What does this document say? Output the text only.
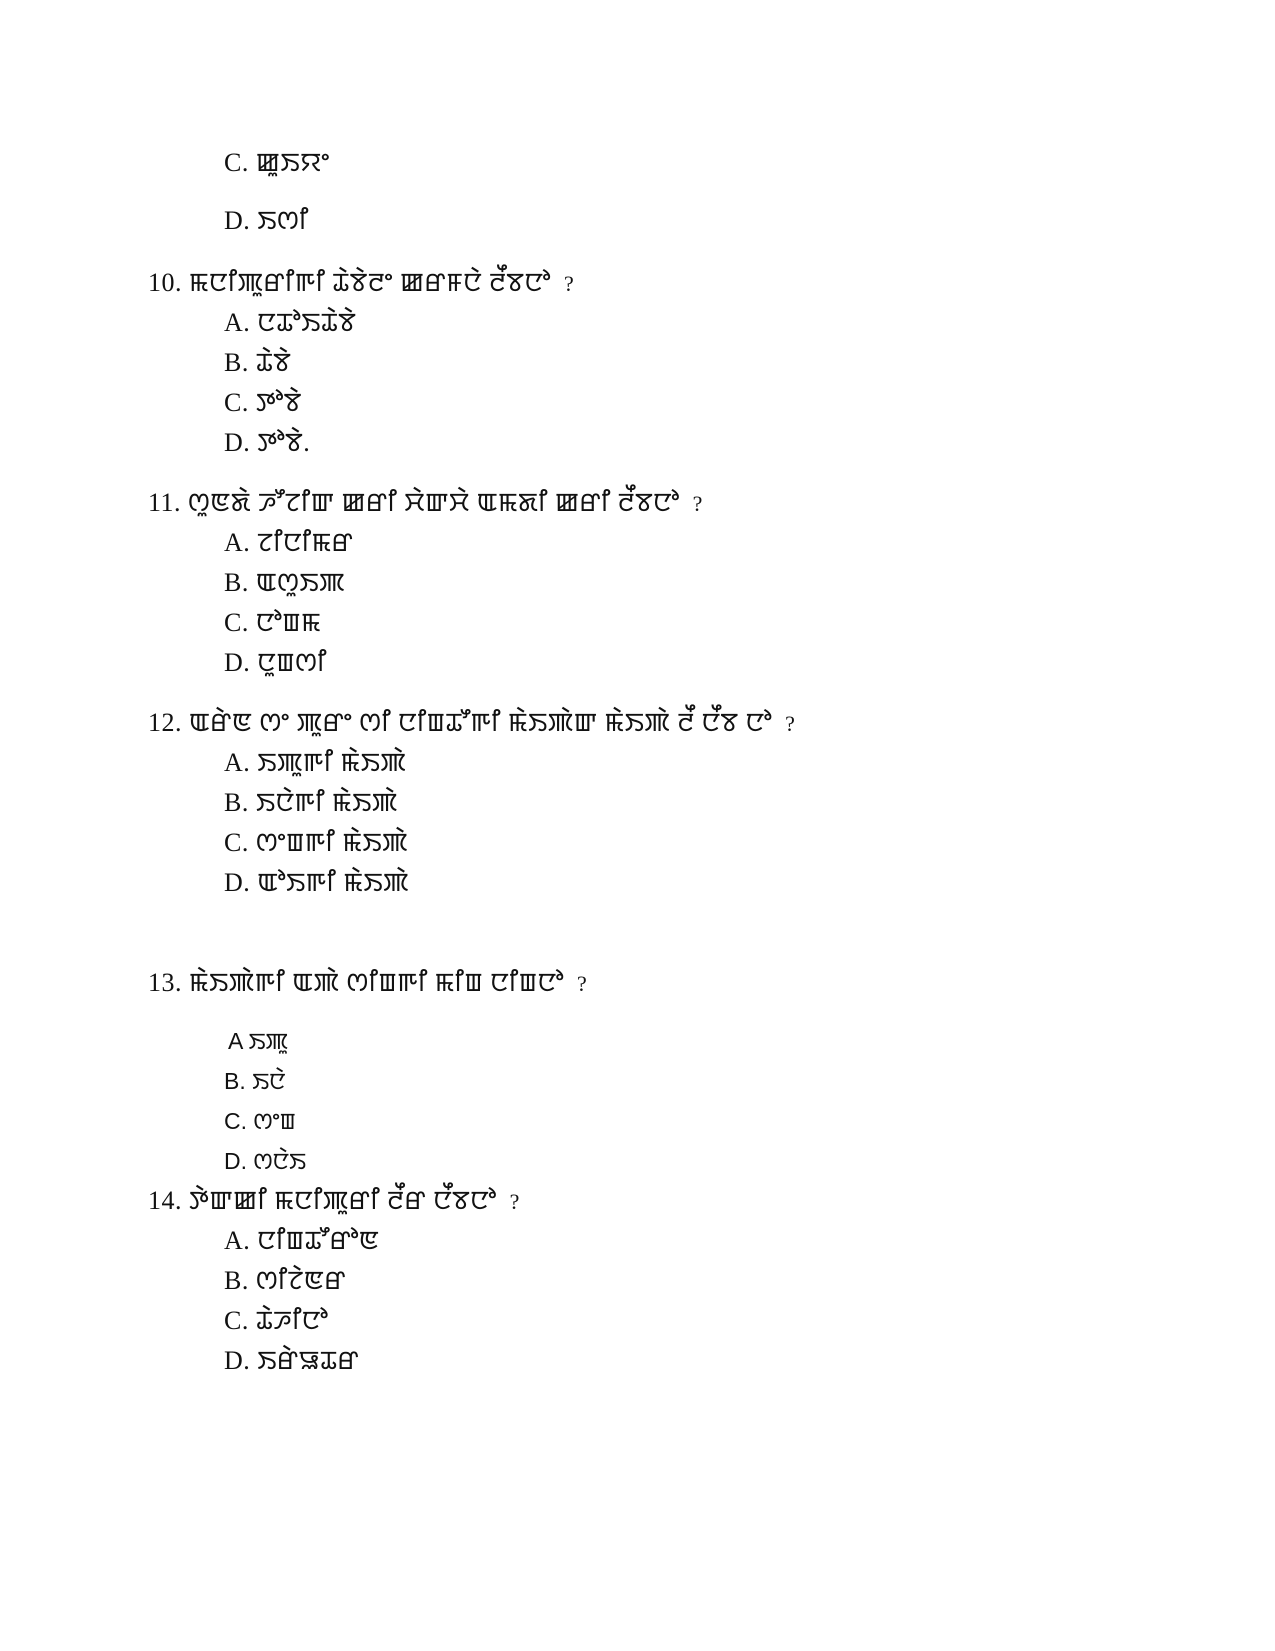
C. ꯀꯨꯏꯌꯦ
D. ꯏꯁꯤ
10. ꯃꯅꯤꯄꯨꯔꯤꯒꯤ ꯊꯥꯕꯥꯂꯦ ꯀꯔꯝꯅꯥ ꯂꯩꯕꯅꯣ ?
A. ꯅꯊꯣꯏꯊꯥꯕꯥ
B. ꯊꯥꯕꯥ
C. ꯇꯣꯕꯥ
D. ꯇꯣꯕꯥ.
11. ꯁꯨꯟꯗꯥ ꯍꯧꯖꯤꯛ ꯀꯔꯤ ꯆꯥꯛꯆꯥ ꯑꯃꯗꯤ ꯀꯔꯤ ꯂꯩꯕꯅꯣ ?
A. ꯖꯤꯅꯤꯃꯔ
B. ꯑꯁꯨꯏꯄ
C. ꯅꯣꯡꯃ
D. ꯅꯨꯡꯁꯤ
12. ꯑꯔꯥꯟ ꯁꯦ ꯄꯨꯔꯦ ꯁꯤ ꯅꯤꯡꯊꯧꯒꯤ ꯃꯥꯏꯄꯥꯛ ꯃꯥꯏꯄꯥ ꯂꯩ ꯅꯩꯕ ꯅꯣ ?
A. ꯏꯄꯨꯒꯤ ꯃꯥꯏꯄꯥ
B. ꯏꯅꯥꯒꯤ ꯃꯥꯏꯄꯥ
C. ꯁꯦꯡꯒꯤ ꯃꯥꯏꯄꯥ
D. ꯑꯣꯏꯒꯤ ꯃꯥꯏꯄꯥ
13. ꯃꯥꯏꯄꯥꯒꯤ ꯑꯄꯥ ꯁꯤꯡꯒꯤ ꯃꯤꯡ ꯅꯤꯡꯅꯣ ?
A ꯏꯄꯨ
B. ꯏꯅꯥ
C. ꯁꯦꯡ
D. ꯁꯅꯥꯏ
14. ꯇꯥꯛꯀꯤ ꯃꯅꯤꯄꯨꯔꯤ ꯂꯩꯔ ꯅꯩꯕꯅꯣ ?
A. ꯅꯤꯡꯊꯧꯔꯣꯟ
B. ꯁꯤꯖꯥꯟꯔ
C. ꯊꯥꯍꯤꯅꯣ
D. ꯏꯔꯥꯎꯊꯔ
